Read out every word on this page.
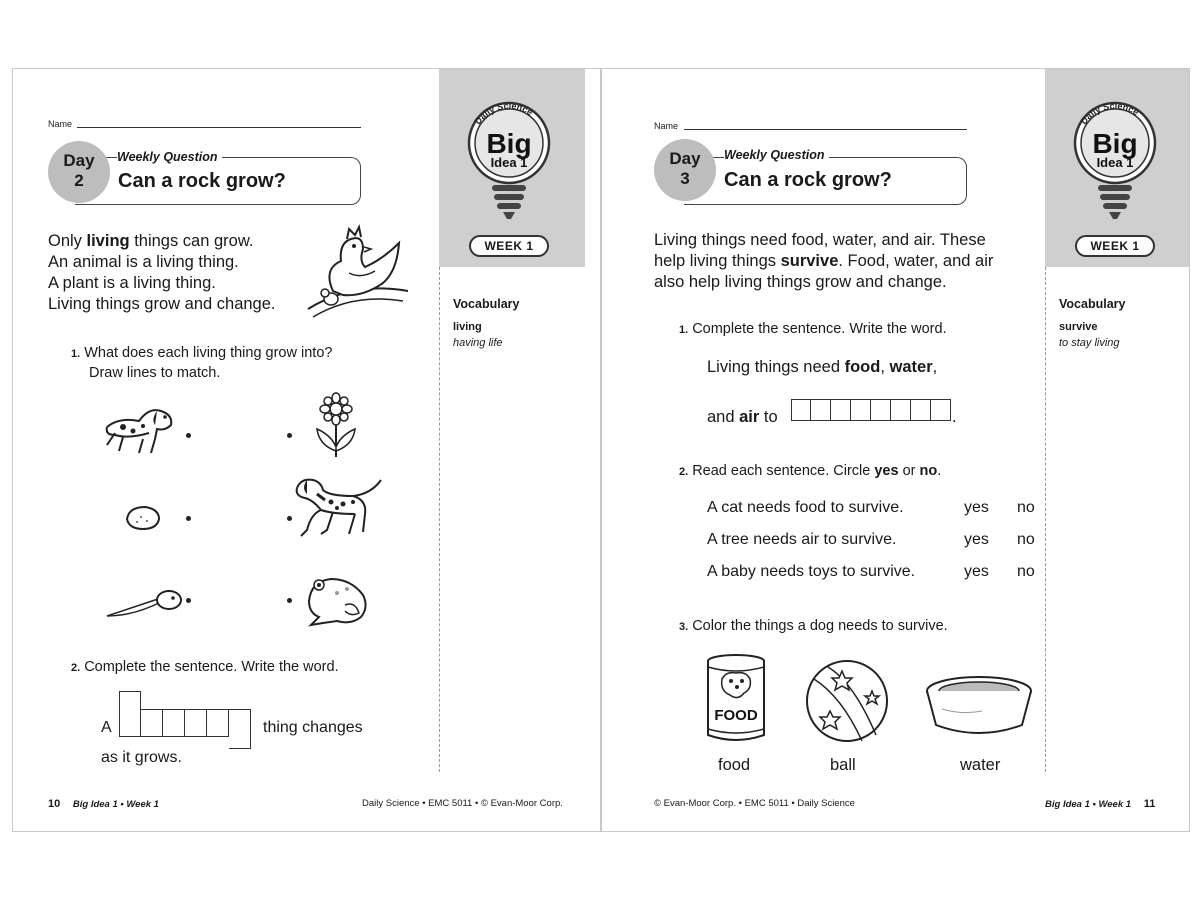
Name
Weekly Question
Can a rock grow?
Day
2
Only living things can grow.
An animal is a living thing.
A plant is a living thing.
Living things grow and change.
1. What does each living thing grow into?
Draw lines to match.
2. Complete the sentence. Write the word.
A	thing changes
as it grows.
Daily Science
Big
Idea 1
WEEK 1
Vocabulary
living
having life
10 Big Idea 1 • Week 1	Daily Science • EMC 5011 • © Evan-Moor Corp.
Name
Weekly Question
Can a rock grow?
Day
3
Living things need food, water, and air. These
help living things survive. Food, water, and air
also help living things grow and change.
1. Complete the sentence. Write the word.
Living things need food, water,
and air to	.
2. Read each sentence. Circle yes or no.
A cat needs food to survive.	yes no
A tree needs air to survive.	yes no
A baby needs toys to survive.	yes no
3. Color the things a dog needs to survive.
FOOD
food	ball	water
Daily Science
Big
Idea 1
WEEK 1
Vocabulary
survive
to stay living
© Evan-Moor Corp. • EMC 5011 • Daily Science	Big Idea 1 • Week 1 11
